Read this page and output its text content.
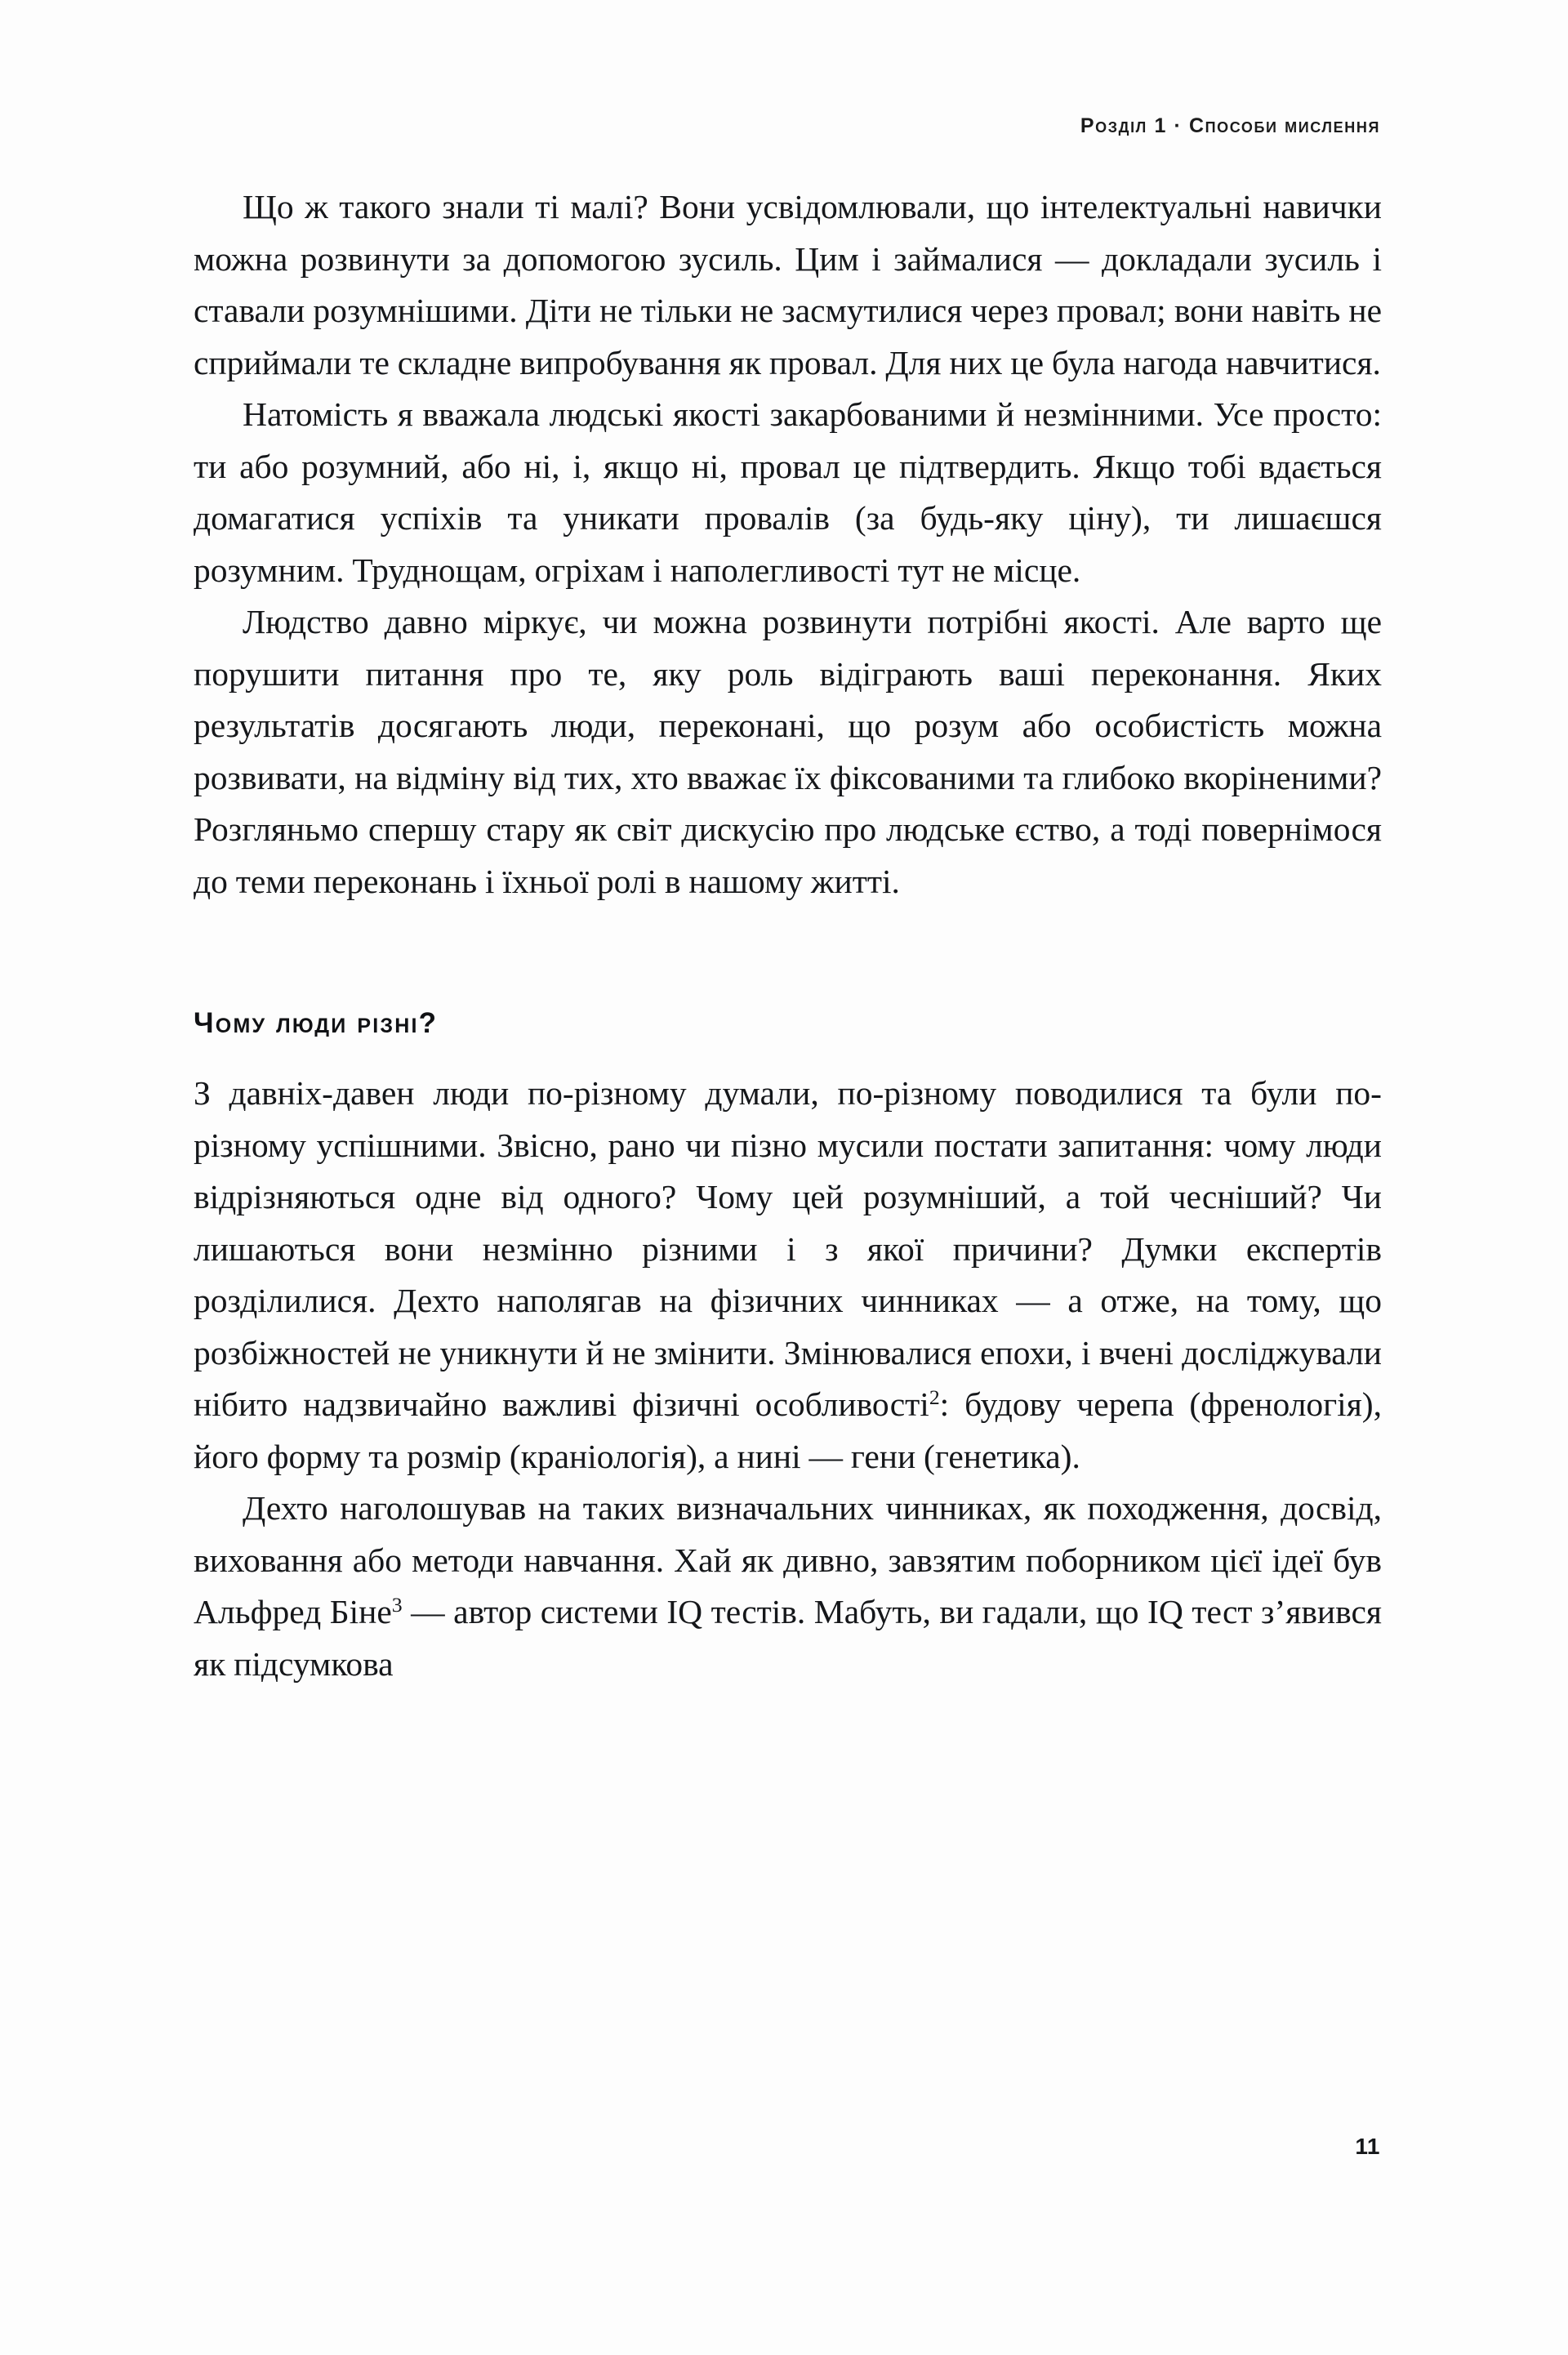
Розділ 1 · Способи мислення

Що ж такого знали ті малі? Вони усвідомлювали, що інтелектуальні навички можна розвинути за допомогою зусиль. Цим і займалися — докладали зусиль і ставали розумнішими. Діти не тільки не засмутилися через провал; вони навіть не сприймали те складне випробування як провал. Для них це була нагода навчитися.

Натомість я вважала людські якості закарбованими й незмінними. Усе просто: ти або розумний, або ні, і, якщо ні, провал це підтвердить. Якщо тобі вдається домагатися успіхів та уникати провалів (за будь-яку ціну), ти лишаєшся розумним. Труднощам, огріхам і наполегливості тут не місце.

Людство давно міркує, чи можна розвинути потрібні якості. Але варто ще порушити питання про те, яку роль відіграють ваші переконання. Яких результатів досягають люди, переконані, що розум або особистість можна розвивати, на відміну від тих, хто вважає їх фіксованими та глибоко вкоріненими? Розгляньмо спершу стару як світ дискусію про людське єство, а тоді повернімося до теми переконань і їхньої ролі в нашому житті.

Чому люди різні?

З давніх-давен люди по-різному думали, по-різному поводилися та були по-різному успішними. Звісно, рано чи пізно мусили постати запитання: чому люди відрізняються одне від одного? Чому цей розумніший, а той чесніший? Чи лишаються вони незмінно різними і з якої причини? Думки експертів розділилися. Дехто наполягав на фізичних чинниках — а отже, на тому, що розбіжностей не уникнути й не змінити. Змінювалися епохи, і вчені досліджували нібито надзвичайно важливі фізичні особливості$^2$: будову черепа (френологія), його форму та розмір (краніологія), а нині — гени (генетика).

Дехто наголошував на таких визначальних чинниках, як походження, досвід, виховання або методи навчання. Хай як дивно, завзятим поборником цієї ідеї був Альфред Біне$^3$ — автор системи IQ тестів. Мабуть, ви гадали, що IQ тест з’явився як підсумкова

11
